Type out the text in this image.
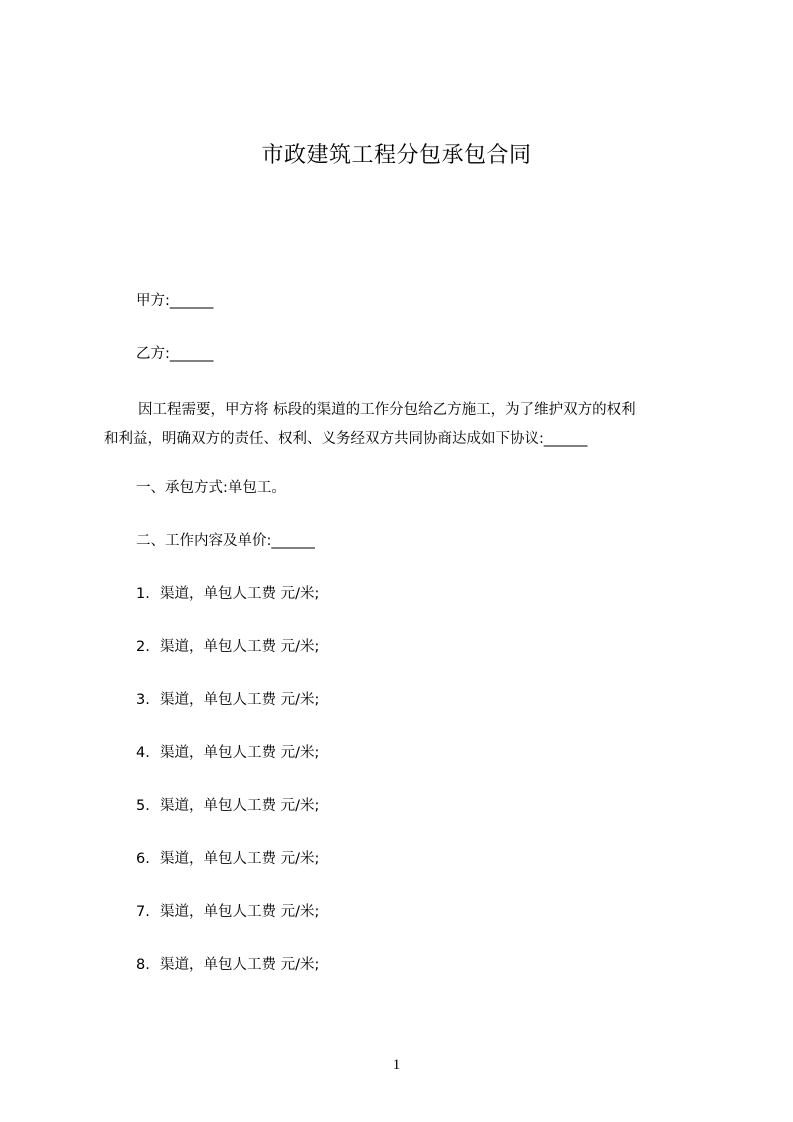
市政建筑工程分包承包合同
甲方:______
乙方:______
因工程需要，甲方将 标段的渠道的工作分包给乙方施工，为了维护双方的权利
和利益，明确双方的责任、权利、义务经双方共同协商达成如下协议:______
一、承包方式:单包工。
二、工作内容及单价:______
1. 渠道，单包人工费 元/米;
2. 渠道，单包人工费 元/米;
3. 渠道，单包人工费 元/米;
4. 渠道，单包人工费 元/米;
5. 渠道，单包人工费 元/米;
6. 渠道，单包人工费 元/米;
7. 渠道，单包人工费 元/米;
8. 渠道，单包人工费 元/米;
1
